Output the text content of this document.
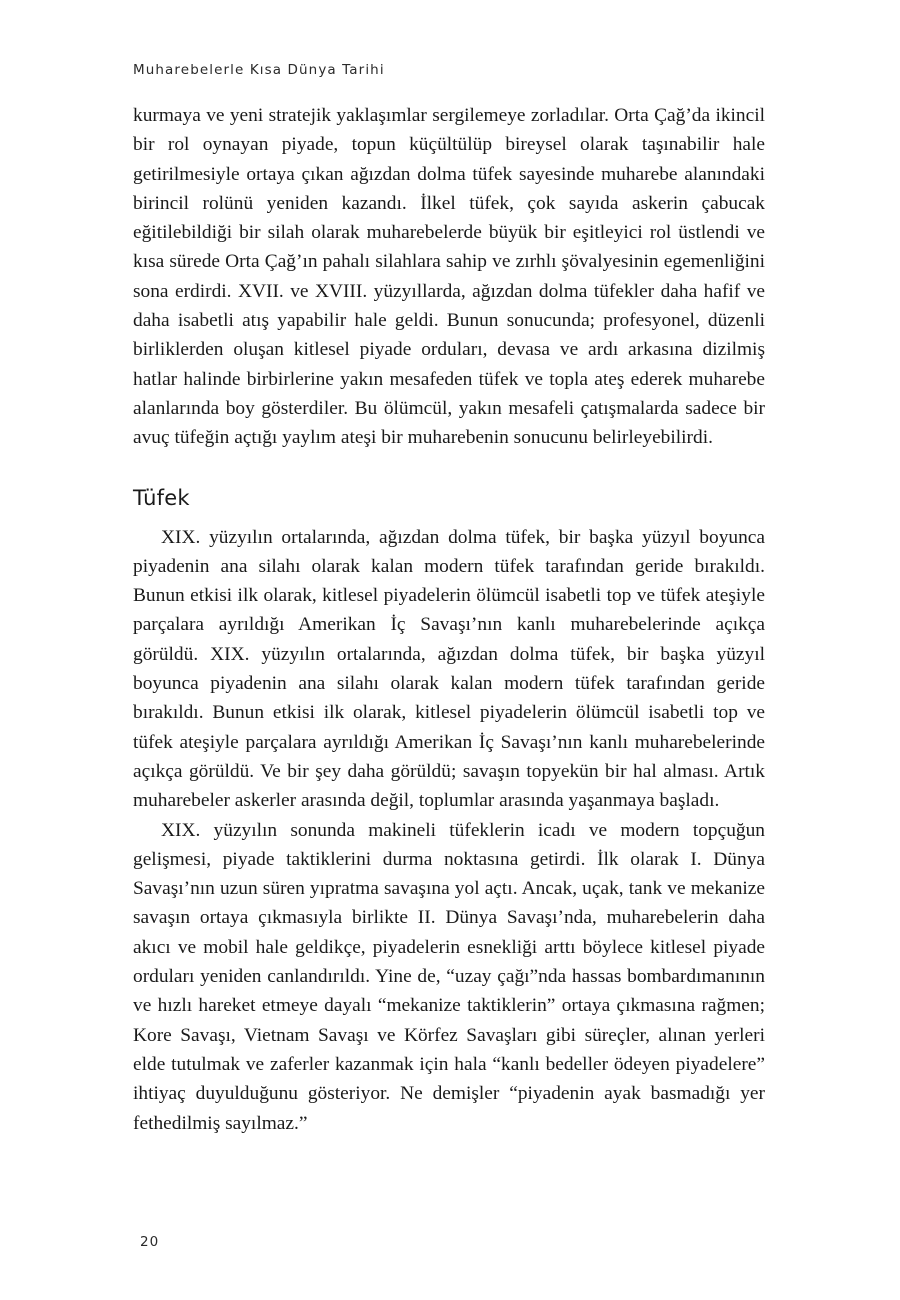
Muharebelerle Kısa Dünya Tarihi

kurmaya ve yeni stratejik yaklaşımlar sergilemeye zorladılar. Orta Çağ’da ikincil bir rol oynayan piyade, topun küçültülüp bireysel olarak taşınabilir hale getirilmesiyle ortaya çıkan ağızdan dolma tüfek sayesinde muharebe alanındaki birincil rolünü yeniden kazandı. İlkel tüfek, çok sayıda askerin çabucak eğitilebildiği bir silah olarak muharebelerde büyük bir eşitleyici rol üstlendi ve kısa sürede Orta Çağ’ın pahalı silahlara sahip ve zırhlı şövalyesinin egemenliğini sona erdirdi. XVII. ve XVIII. yüzyıllarda, ağızdan dolma tüfekler daha hafif ve daha isabetli atış yapabilir hale geldi. Bunun sonucunda; profesyonel, düzenli birliklerden oluşan kitlesel piyade orduları, devasa ve ardı arkasına dizilmiş hatlar halinde birbirlerine yakın mesafeden tüfek ve topla ateş ederek muharebe alanlarında boy gösterdiler. Bu ölümcül, yakın mesafeli çatışmalarda sadece bir avuç tüfeğin açtığı yaylım ateşi bir muharebenin sonucunu belirleyebilirdi.

Tüfek

XIX. yüzyılın ortalarında, ağızdan dolma tüfek, bir başka yüzyıl boyunca piyadenin ana silahı olarak kalan modern tüfek tarafından geride bırakıldı. Bunun etkisi ilk olarak, kitlesel piyadelerin ölümcül isabetli top ve tüfek ateşiyle parçalara ayrıldığı Amerikan İç Savaşı’nın kanlı muharebelerinde açıkça görüldü. XIX. yüzyılın ortalarında, ağızdan dolma tüfek, bir başka yüzyıl boyunca piyadenin ana silahı olarak kalan modern tüfek tarafından geride bırakıldı. Bunun etkisi ilk olarak, kitlesel piyadelerin ölümcül isabetli top ve tüfek ateşiyle parçalara ayrıldığı Amerikan İç Savaşı’nın kanlı muharebelerinde açıkça görüldü. Ve bir şey daha görüldü; savaşın topyekün bir hal alması. Artık muharebeler askerler arasında değil, toplumlar arasında yaşanmaya başladı.

XIX. yüzyılın sonunda makineli tüfeklerin icadı ve modern topçuğun gelişmesi, piyade taktiklerini durma noktasına getirdi. İlk olarak I. Dünya Savaşı’nın uzun süren yıpratma savaşına yol açtı. Ancak, uçak, tank ve mekanize savaşın ortaya çıkmasıyla birlikte II. Dünya Savaşı’nda, muharebelerin daha akıcı ve mobil hale geldikçe, piyadelerin esnekliği arttı böylece kitlesel piyade orduları yeniden canlandırıldı. Yine de, “uzay çağı”nda hassas bombardımanının ve hızlı hareket etmeye dayalı “mekanize taktiklerin” ortaya çıkmasına rağmen; Kore Savaşı, Vietnam Savaşı ve Körfez Savaşları gibi süreçler, alınan yerleri elde tutulmak ve zaferler kazanmak için hala “kanlı bedeller ödeyen piyadelere” ihtiyaç duyulduğunu gösteriyor. Ne demişler “piyadenin ayak basmadığı yer fethedilmiş sayılmaz.”

20
